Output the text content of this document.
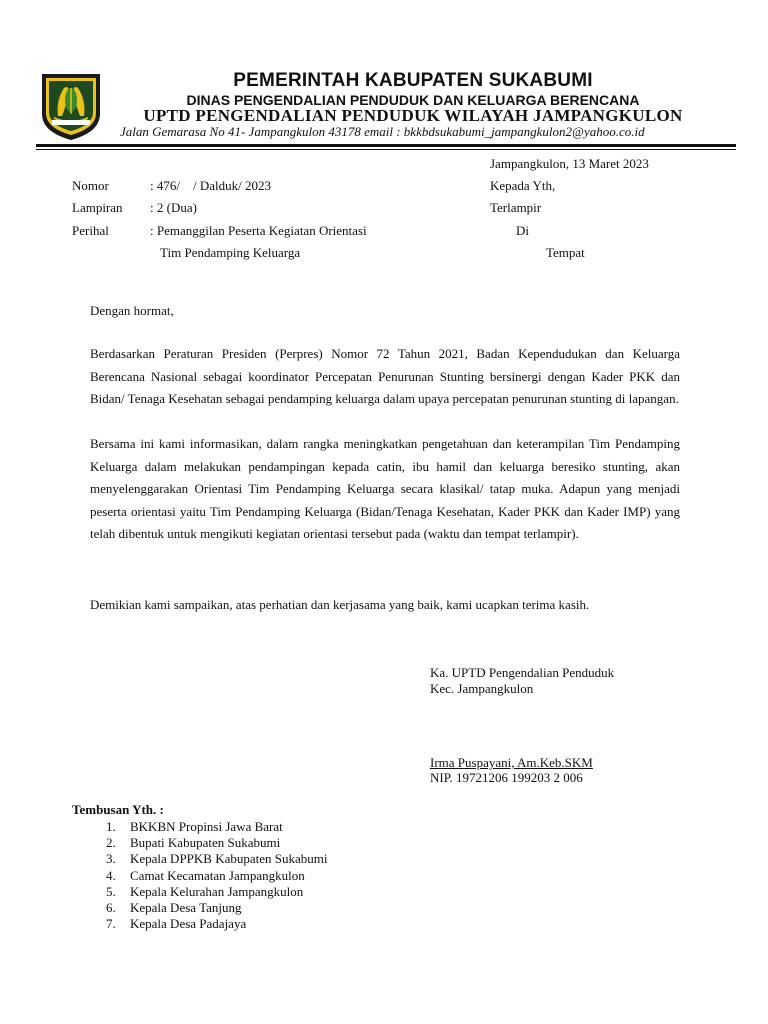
PEMERINTAH KABUPATEN SUKABUMI
DINAS PENGENDALIAN PENDUDUK DAN KELUARGA BERENCANA
UPTD PENGENDALIAN PENDUDUK WILAYAH JAMPANGKULON
Jalan Gemarasa No 41- Jampangkulon 43178 email : bkkbdsukabumi_jampangkulon2@yahoo.co.id
Jampangkulon, 13 Maret 2023
Nomor	: 476/    / Dalduk/ 2023
Lampiran : 2 (Dua)
Perihal	: Pemanggilan Peserta Kegiatan Orientasi
Tim Pendamping Keluarga
Kepada Yth,
Terlampir
Di
Tempat
Dengan hormat,
Berdasarkan Peraturan Presiden (Perpres) Nomor 72 Tahun 2021, Badan Kependudukan dan Keluarga Berencana Nasional sebagai koordinator Percepatan Penurunan Stunting bersinergi dengan Kader PKK dan Bidan/ Tenaga Kesehatan sebagai pendamping keluarga dalam upaya percepatan penurunan stunting di lapangan.
Bersama ini kami informasikan, dalam rangka meningkatkan pengetahuan dan keterampilan Tim Pendamping Keluarga dalam melakukan pendampingan kepada catin, ibu hamil dan keluarga beresiko stunting, akan menyelenggarakan Orientasi Tim Pendamping Keluarga secara klasikal/ tatap muka. Adapun yang menjadi peserta orientasi yaitu Tim Pendamping Keluarga (Bidan/Tenaga Kesehatan, Kader PKK dan Kader IMP) yang telah dibentuk untuk mengikuti kegiatan orientasi tersebut pada (waktu dan tempat terlampir).
Demikian kami sampaikan, atas perhatian dan kerjasama yang baik, kami ucapkan terima kasih.
Ka. UPTD Pengendalian Penduduk
Kec. Jampangkulon
Irma Puspayani, Am.Keb.SKM
NIP. 19721206 199203 2 006
Tembusan Yth. :
1.	BKKBN Propinsi Jawa Barat
2.	Bupati Kabupaten Sukabumi
3.	Kepala DPPKB Kabupaten Sukabumi
4.	Camat Kecamatan Jampangkulon
5.	Kepala Kelurahan Jampangkulon
6.	Kepala Desa Tanjung
7.	Kepala Desa Padajaya
